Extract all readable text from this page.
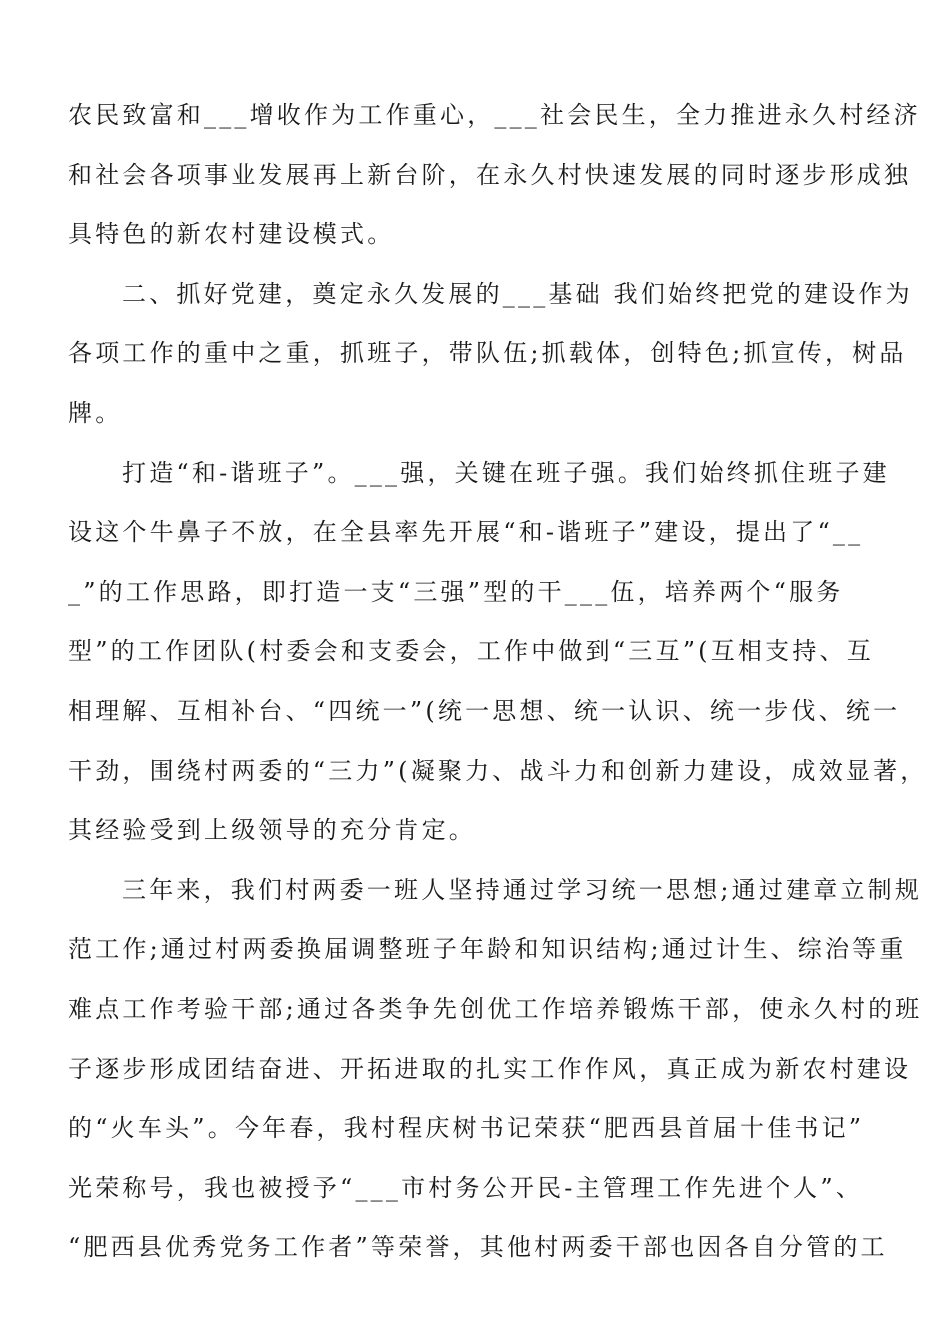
农民致富和___增收作为工作重心，___社会民生，全力推进永久村经济
和社会各项事业发展再上新台阶，在永久村快速发展的同时逐步形成独
具特色的新农村建设模式。
二、抓好党建，奠定永久发展的___基础 我们始终把党的建设作为
各项工作的重中之重，抓班子，带队伍;抓载体，创特色;抓宣传，树品
牌。
打造“和-谐班子”。___强，关键在班子强。我们始终抓住班子建
设这个牛鼻子不放，在全县率先开展“和-谐班子”建设，提出了“__
_”的工作思路，即打造一支“三强”型的干___伍，培养两个“服务
型”的工作团队(村委会和支委会，工作中做到“三互”(互相支持、互
相理解、互相补台、“四统一”(统一思想、统一认识、统一步伐、统一
干劲，围绕村两委的“三力”(凝聚力、战斗力和创新力建设，成效显著，
其经验受到上级领导的充分肯定。
三年来，我们村两委一班人坚持通过学习统一思想;通过建章立制规
范工作;通过村两委换届调整班子年龄和知识结构;通过计生、综治等重
难点工作考验干部;通过各类争先创优工作培养锻炼干部，使永久村的班
子逐步形成团结奋进、开拓进取的扎实工作作风，真正成为新农村建设
的“火车头”。今年春，我村程庆树书记荣获“肥西县首届十佳书记”
光荣称号，我也被授予“___市村务公开民-主管理工作先进个人”、
“肥西县优秀党务工作者”等荣誉，其他村两委干部也因各自分管的工
